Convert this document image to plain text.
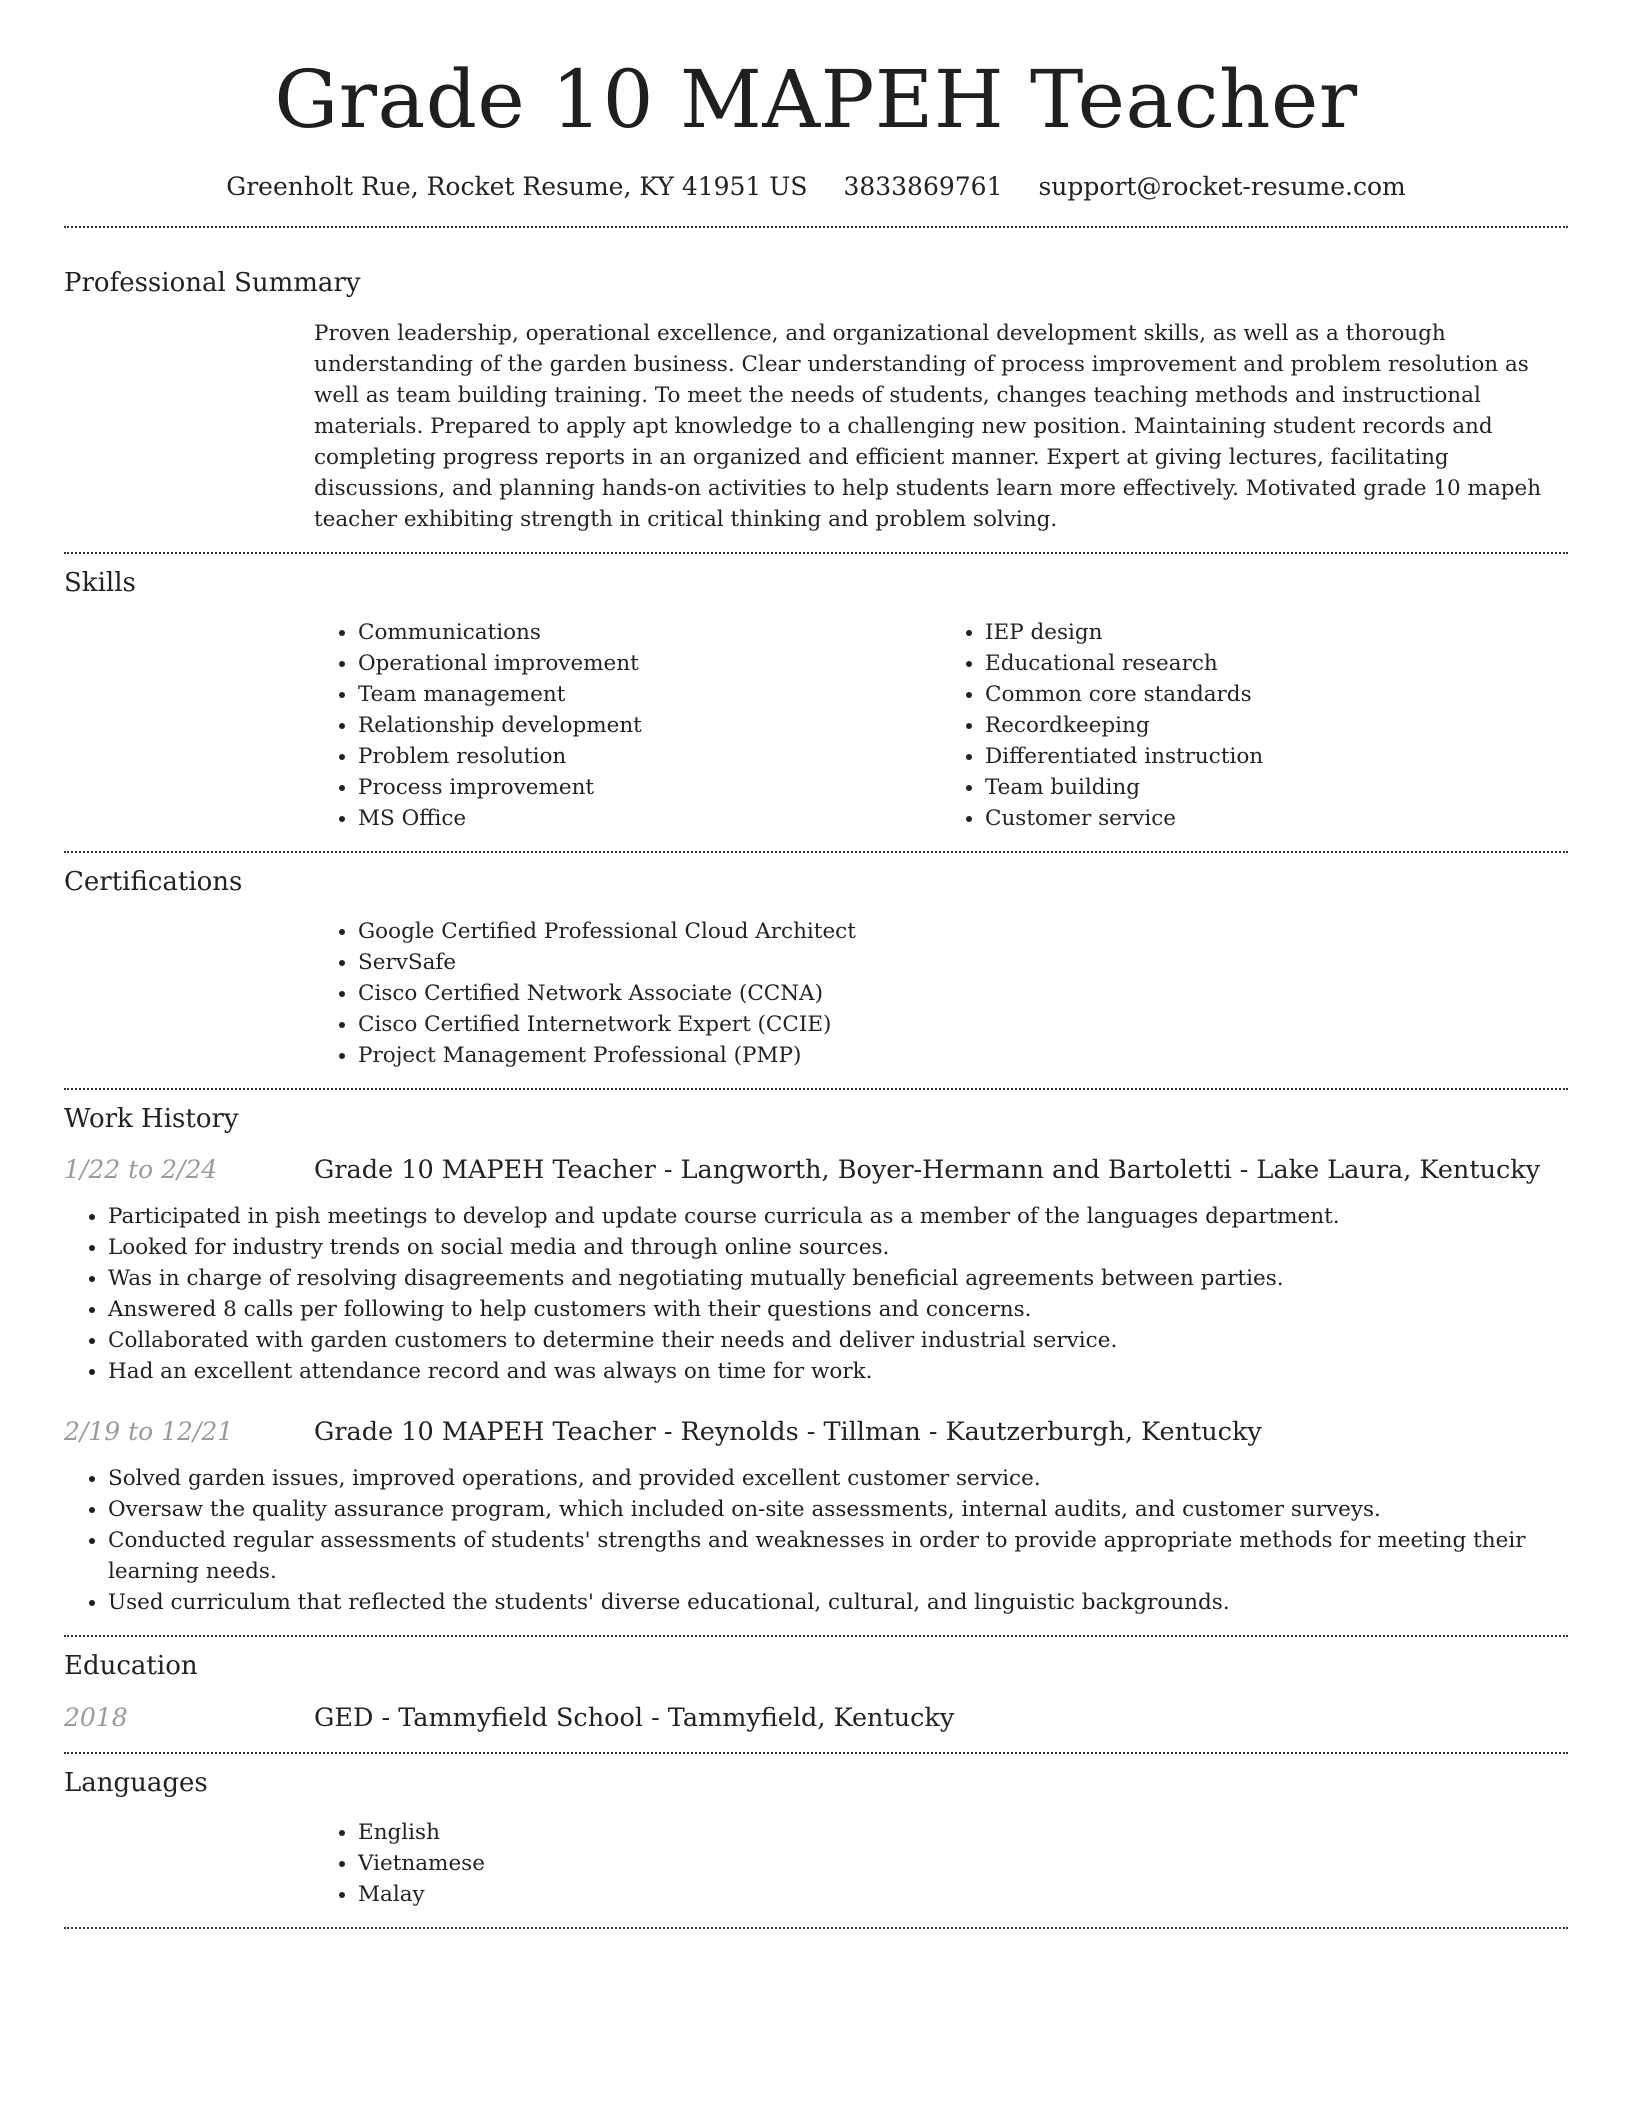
Grade 10 MAPEH Teacher
Greenholt Rue, Rocket Resume, KY 41951 US 3833869761 support@rocket-resume.com
Professional Summary

Proven leadership, operational excellence, and organizational development skills, as well as a thorough understanding of the garden business. Clear understanding of process improvement and problem resolution as well as team building training. To meet the needs of students, changes teaching methods and instructional materials. Prepared to apply apt knowledge to a challenging new position. Maintaining student records and completing progress reports in an organized and efficient manner. Expert at giving lectures, facilitating discussions, and planning hands-on activities to help students learn more effectively. Motivated grade 10 mapeh teacher exhibiting strength in critical thinking and problem solving.

Skills
• Communications
• Operational improvement
• Team management
• Relationship development
• Problem resolution
• Process improvement
• MS Office
• IEP design
• Educational research
• Common core standards
• Recordkeeping
• Differentiated instruction
• Team building
• Customer service
Certifications
• Google Certified Professional Cloud Architect
• ServSafe
• Cisco Certified Network Associate (CCNA)
• Cisco Certified Internetwork Expert (CCIE)
• Project Management Professional (PMP)
Work History
1/22 to 2/24	Grade 10 MAPEH Teacher - Langworth, Boyer-Hermann and Bartoletti - Lake Laura, Kentucky
• Participated in pish meetings to develop and update course curricula as a member of the languages department.
• Looked for industry trends on social media and through online sources.
• Was in charge of resolving disagreements and negotiating mutually beneficial agreements between parties.
• Answered 8 calls per following to help customers with their questions and concerns.
• Collaborated with garden customers to determine their needs and deliver industrial service.
• Had an excellent attendance record and was always on time for work.
2/19 to 12/21	Grade 10 MAPEH Teacher - Reynolds - Tillman - Kautzerburgh, Kentucky
• Solved garden issues, improved operations, and provided excellent customer service.
• Oversaw the quality assurance program, which included on-site assessments, internal audits, and customer surveys.
• Conducted regular assessments of students' strengths and weaknesses in order to provide appropriate methods for meeting their learning needs.
• Used curriculum that reflected the students' diverse educational, cultural, and linguistic backgrounds.
Education
2018	GED - Tammyfield School - Tammyfield, Kentucky
Languages
• English
• Vietnamese
• Malay
